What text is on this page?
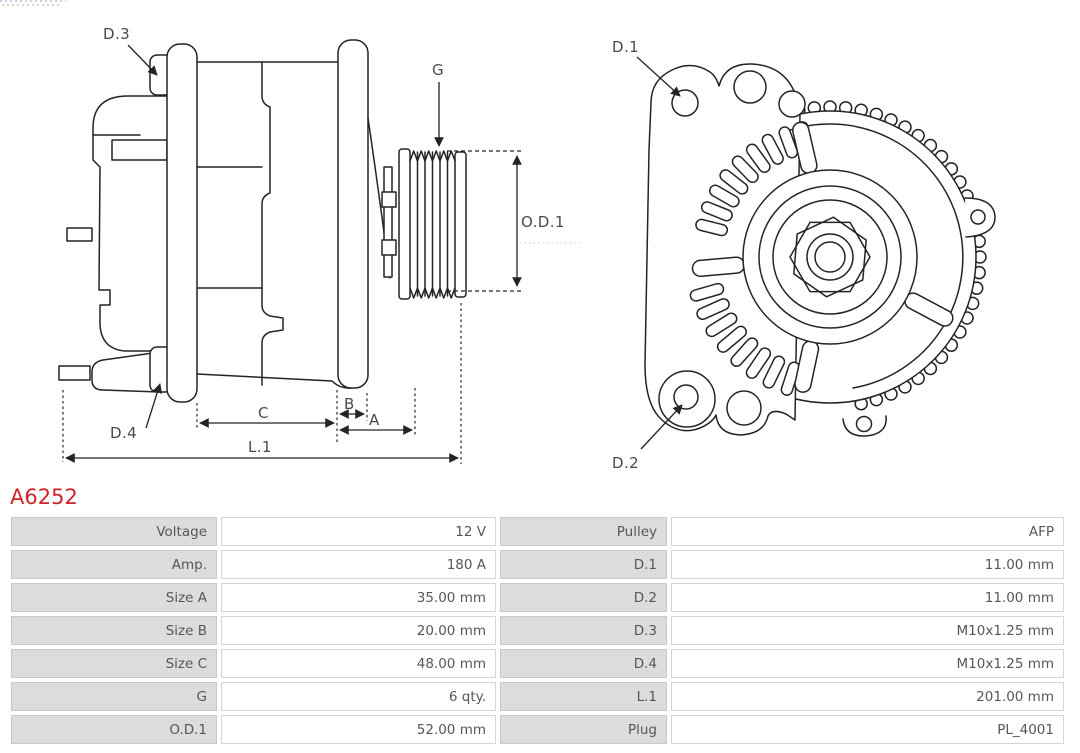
D.3
G
O.D.1
D.4
C	B
A
L.1
D.1
D.2
A6252
Voltage	12 V	Pulley	AFP
Amp.	180 A	D.1	11.00 mm
Size A	35.00 mm	D.2	11.00 mm
Size B	20.00 mm	D.3	M10x1.25 mm
Size C	48.00 mm	D.4	M10x1.25 mm
G	6 qty.	L.1	201.00 mm
O.D.1	52.00 mm	Plug	PL_4001
